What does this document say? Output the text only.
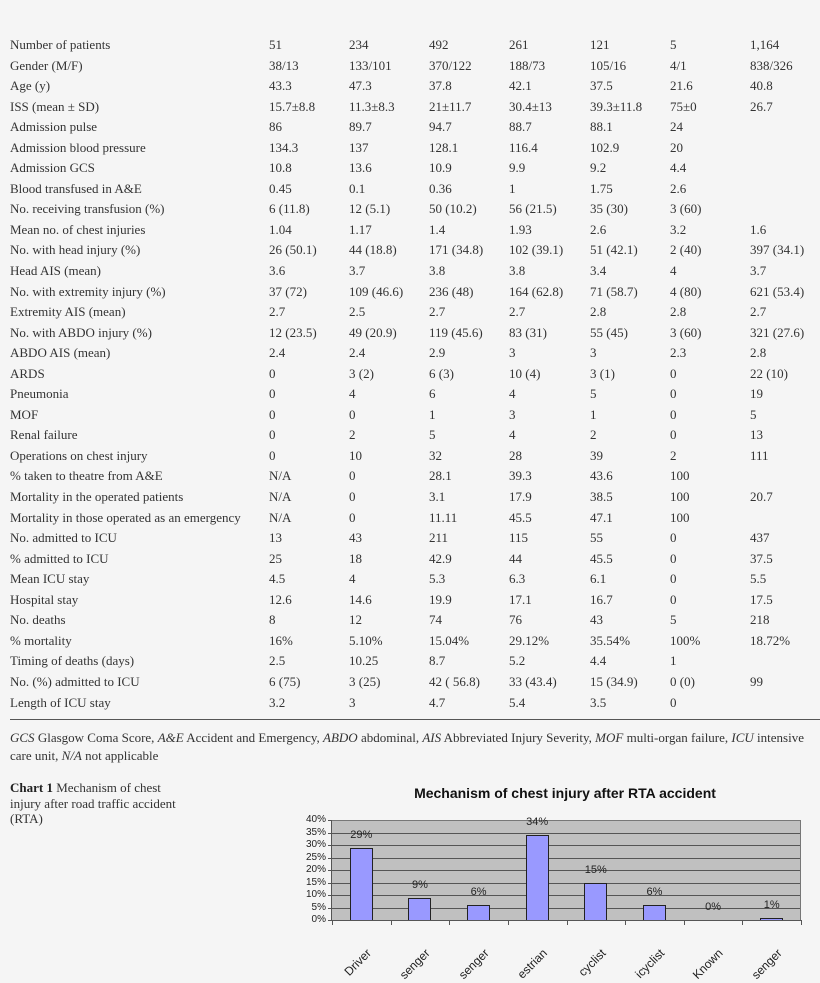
Number of patients	51	234	492	261	121	5	1,164
Gender (M/F)	38/13	133/101	370/122	188/73	105/16	4/1	838/326
Age (y)	43.3	47.3	37.8	42.1	37.5	21.6	40.8
ISS (mean ± SD)	15.7±8.8	11.3±8.3	21±11.7	30.4±13	39.3±11.8	75±0	26.7
Admission pulse	86	89.7	94.7	88.7	88.1	24	
Admission blood pressure	134.3	137	128.1	116.4	102.9	20	
Admission GCS	10.8	13.6	10.9	9.9	9.2	4.4	
Blood transfused in A&E	0.45	0.1	0.36	1	1.75	2.6	
No. receiving transfusion (%)	6 (11.8)	12 (5.1)	50 (10.2)	56 (21.5)	35 (30)	3 (60)	
Mean no. of chest injuries	1.04	1.17	1.4	1.93	2.6	3.2	1.6
No. with head injury (%)	26 (50.1)	44 (18.8)	171 (34.8)	102 (39.1)	51 (42.1)	2 (40)	397 (34.1)
Head AIS (mean)	3.6	3.7	3.8	3.8	3.4	4	3.7
No. with extremity injury (%)	37 (72)	109 (46.6)	236 (48)	164 (62.8)	71 (58.7)	4 (80)	621 (53.4)
Extremity AIS (mean)	2.7	2.5	2.7	2.7	2.8	2.8	2.7
No. with ABDO injury (%)	12 (23.5)	49 (20.9)	119 (45.6)	83 (31)	55 (45)	3 (60)	321 (27.6)
ABDO AIS (mean)	2.4	2.4	2.9	3	3	2.3	2.8
ARDS	0	3 (2)	6 (3)	10 (4)	3 (1)	0	22 (10)
Pneumonia	0	4	6	4	5	0	19
MOF	0	0	1	3	1	0	5
Renal failure	0	2	5	4	2	0	13
Operations on chest injury	0	10	32	28	39	2	111
% taken to theatre from A&E	N/A	0	28.1	39.3	43.6	100	
Mortality in the operated patients	N/A	0	3.1	17.9	38.5	100	20.7
Mortality in those operated as an emergency	N/A	0	11.11	45.5	47.1	100	
No. admitted to ICU	13	43	211	115	55	0	437
% admitted to ICU	25	18	42.9	44	45.5	0	37.5
Mean ICU stay	4.5	4	5.3	6.3	6.1	0	5.5
Hospital stay	12.6	14.6	19.9	17.1	16.7	0	17.5
No. deaths	8	12	74	76	43	5	218
% mortality	16%	5.10%	15.04%	29.12%	35.54%	100%	18.72%
Timing of deaths (days)	2.5	10.25	8.7	5.2	4.4	1	
No. (%) admitted to ICU	6 (75)	3 (25)	42 ( 56.8)	33 (43.4)	15 (34.9)	0 (0)	99
Length of ICU stay	3.2	3	4.7	5.4	3.5	0	
GCS Glasgow Coma Score, A&E Accident and Emergency, ABDO abdominal, AIS Abbreviated Injury Severity, MOF multi-organ failure, ICU intensive care unit, N/A not applicable
Chart 1 Mechanism of chest injury after road traffic accident (RTA)
Mechanism of chest injury after RTA accident
0%
5%
10%
15%
20%
25%
30%
35%
40%
29%
Driver
9%
senger
6%
senger
34%
estrian
15%
cyclist
6%
icyclist
0%
Known
1%
senger
